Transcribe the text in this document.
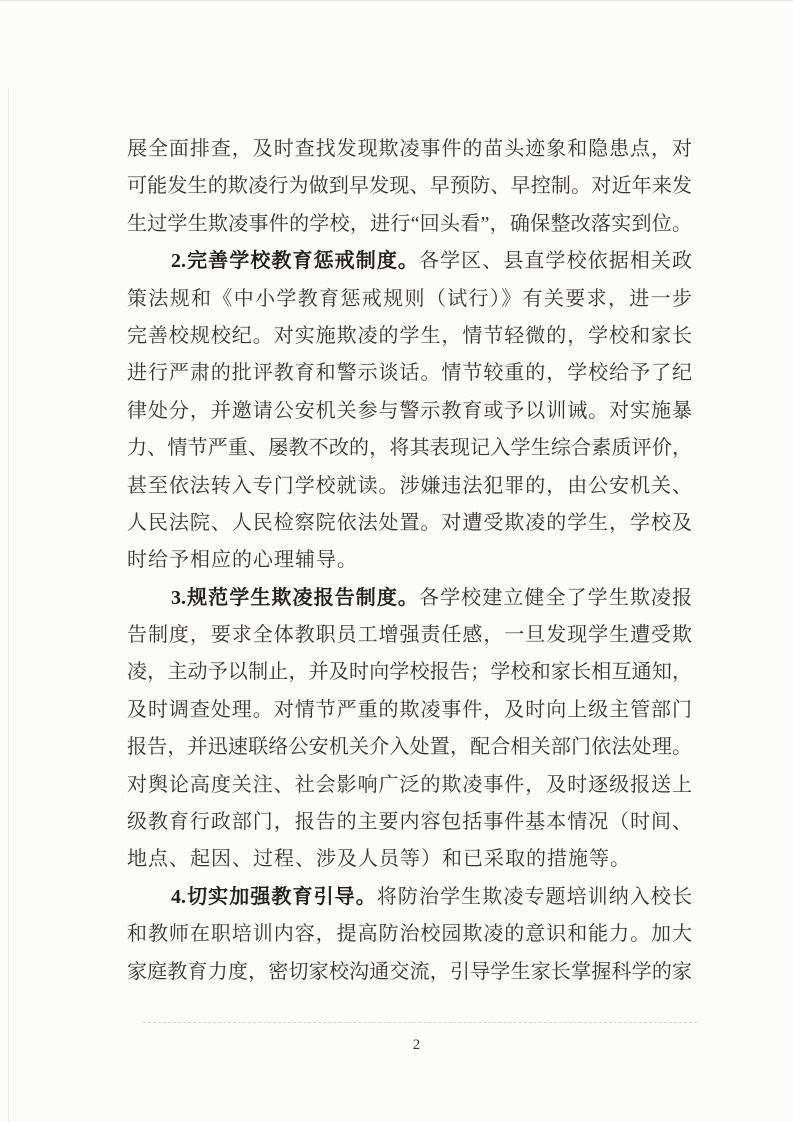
展全面排查，及时查找发现欺凌事件的苗头迹象和隐患点，对
可能发生的欺凌行为做到早发现、早预防、早控制。对近年来发
生过学生欺凌事件的学校，进行“回头看”，确保整改落实到位。
2.完善学校教育惩戒制度。各学区、县直学校依据相关政
策法规和《中小学教育惩戒规则（试行）》有关要求，进一步
完善校规校纪。对实施欺凌的学生，情节轻微的，学校和家长
进行严肃的批评教育和警示谈话。情节较重的，学校给予了纪
律处分，并邀请公安机关参与警示教育或予以训诫。对实施暴
力、情节严重、屡教不改的，将其表现记入学生综合素质评价，
甚至依法转入专门学校就读。涉嫌违法犯罪的，由公安机关、
人民法院、人民检察院依法处置。对遭受欺凌的学生，学校及
时给予相应的心理辅导。
3.规范学生欺凌报告制度。各学校建立健全了学生欺凌报
告制度，要求全体教职员工增强责任感，一旦发现学生遭受欺
凌，主动予以制止，并及时向学校报告；学校和家长相互通知，
及时调查处理。对情节严重的欺凌事件，及时向上级主管部门
报告，并迅速联络公安机关介入处置，配合相关部门依法处理。
对舆论高度关注、社会影响广泛的欺凌事件，及时逐级报送上
级教育行政部门，报告的主要内容包括事件基本情况（时间、
地点、起因、过程、涉及人员等）和已采取的措施等。
4.切实加强教育引导。将防治学生欺凌专题培训纳入校长
和教师在职培训内容，提高防治校园欺凌的意识和能力。加大
家庭教育力度，密切家校沟通交流，引导学生家长掌握科学的家
2
